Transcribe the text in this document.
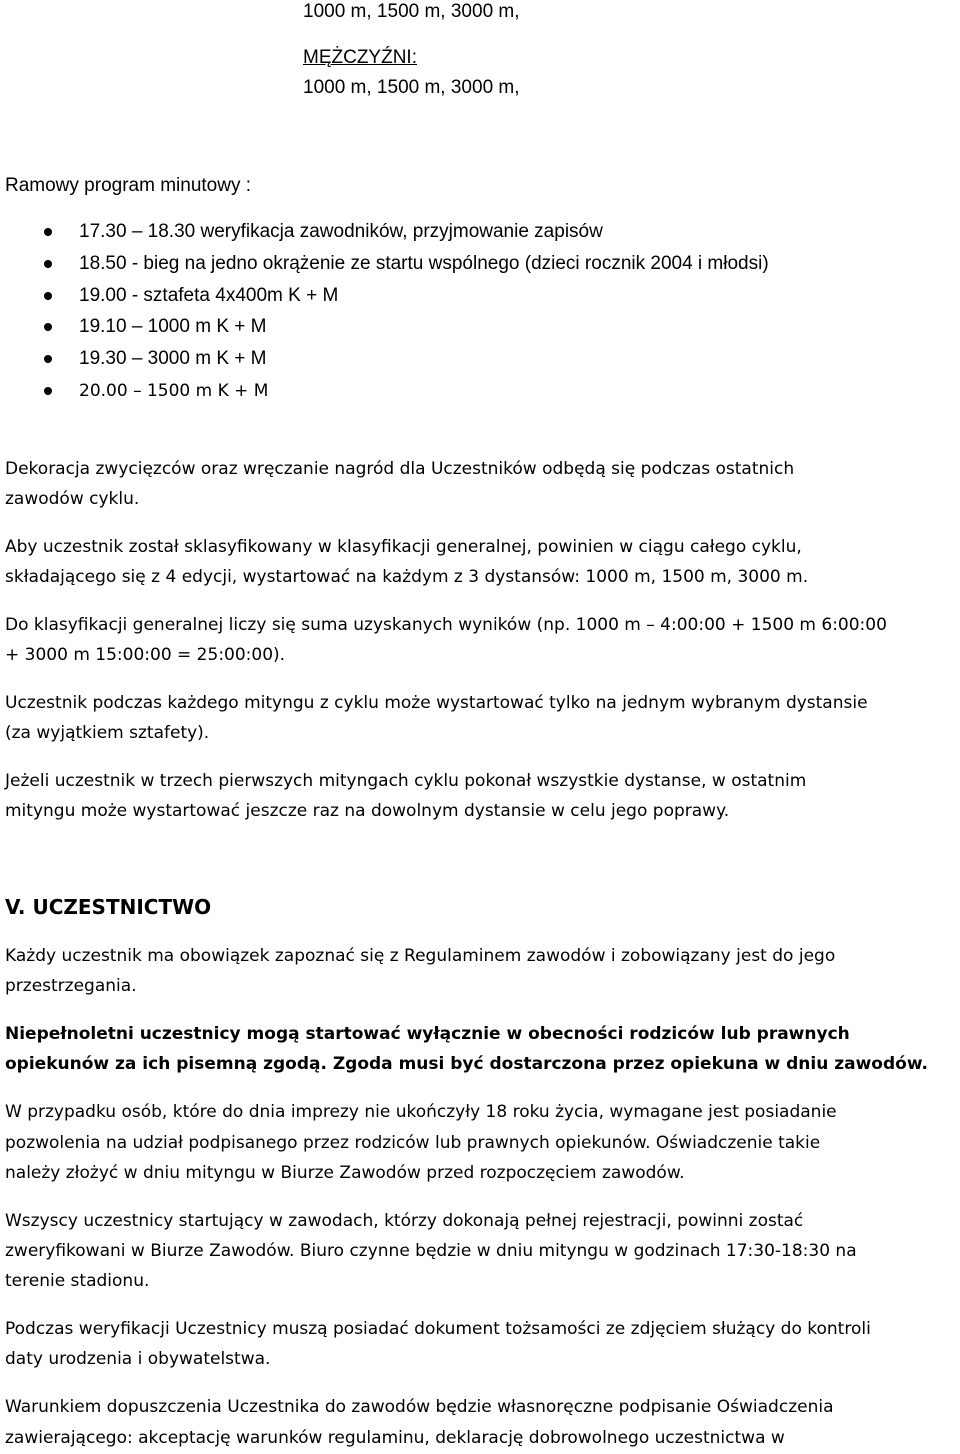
1000 m, 1500 m, 3000 m,
MĘŻCZYŹNI:
1000 m, 1500 m, 3000 m,
Ramowy program minutowy :
17.30 – 18.30 weryfikacja zawodników, przyjmowanie zapisów
18.50 - bieg na jedno okrążenie ze startu wspólnego (dzieci rocznik 2004 i młodsi)
19.00 - sztafeta 4x400m K + M
19.10 – 1000 m K + M
19.30 – 3000 m K + M
20.00 – 1500 m K + M
Dekoracja zwycięzców oraz wręczanie nagród dla Uczestników odbędą się podczas ostatnich
zawodów cyklu.
Aby uczestnik został sklasyfikowany w klasyfikacji generalnej, powinien w ciągu całego cyklu,
składającego się z 4 edycji, wystartować na każdym z 3 dystansów: 1000 m, 1500 m, 3000 m.
Do klasyfikacji generalnej liczy się suma uzyskanych wyników (np. 1000 m – 4:00:00 + 1500 m 6:00:00
+ 3000 m 15:00:00 = 25:00:00).
Uczestnik podczas każdego mityngu z cyklu może wystartować tylko na jednym wybranym dystansie
(za wyjątkiem sztafety).
Jeżeli uczestnik w trzech pierwszych mityngach cyklu pokonał wszystkie dystanse, w ostatnim
mityngu może wystartować jeszcze raz na dowolnym dystansie w celu jego poprawy.
V. UCZESTNICTWO
Każdy uczestnik ma obowiązek zapoznać się z Regulaminem zawodów i zobowiązany jest do jego
przestrzegania.
Niepełnoletni uczestnicy mogą startować wyłącznie w obecności rodziców lub prawnych
opiekunów za ich pisemną zgodą. Zgoda musi być dostarczona przez opiekuna w dniu zawodów.
W przypadku osób, które do dnia imprezy nie ukończyły 18 roku życia, wymagane jest posiadanie
pozwolenia na udział podpisanego przez rodziców lub prawnych opiekunów. Oświadczenie takie
należy złożyć w dniu mityngu w Biurze Zawodów przed rozpoczęciem zawodów.
Wszyscy uczestnicy startujący w zawodach, którzy dokonają pełnej rejestracji, powinni zostać
zweryfikowani w Biurze Zawodów. Biuro czynne będzie w dniu mityngu w godzinach 17:30-18:30 na
terenie stadionu.
Podczas weryfikacji Uczestnicy muszą posiadać dokument tożsamości ze zdjęciem służący do kontroli
daty urodzenia i obywatelstwa.
Warunkiem dopuszczenia Uczestnika do zawodów będzie własnoręczne podpisanie Oświadczenia
zawierającego: akceptację warunków regulaminu, deklarację dobrowolnego uczestnictwa w
